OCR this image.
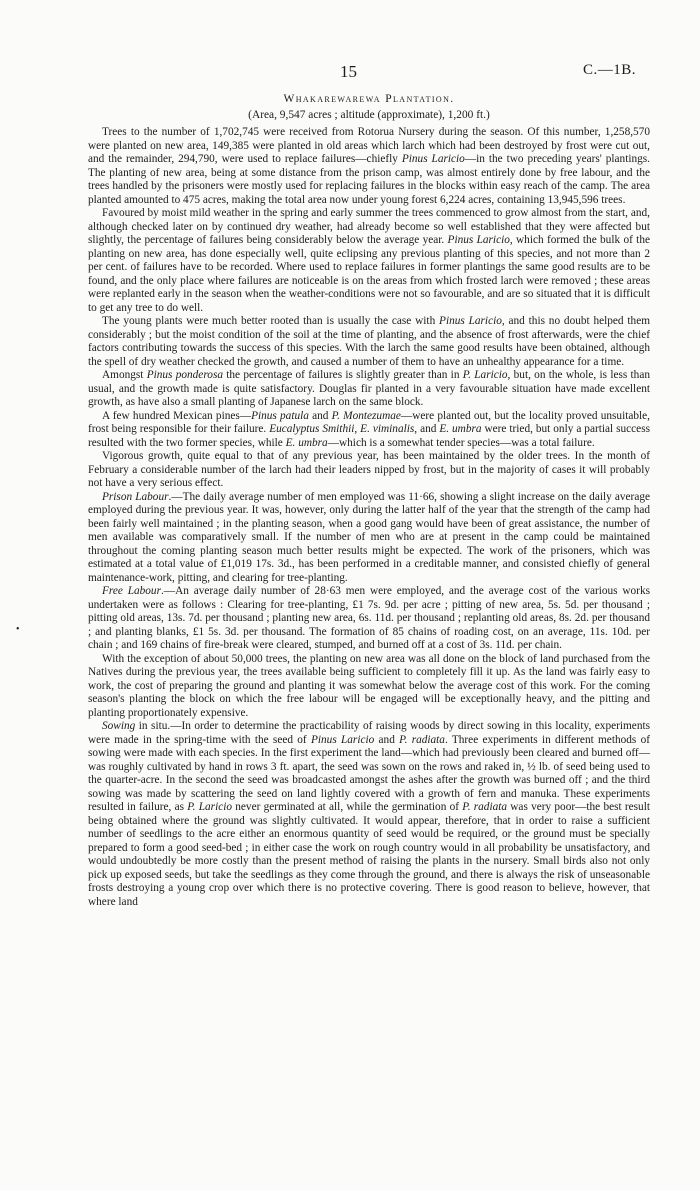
15	C.—1B.
•
Whakarewarewa Plantation.
(Area, 9,547 acres ; altitude (approximate), 1,200 ft.)

Trees to the number of 1,702,745 were received from Rotorua Nursery during the season. Of this number, 1,258,570 were planted on new area, 149,385 were planted in old areas which larch which had been destroyed by frost were cut out, and the remainder, 294,790, were used to replace failures—chiefly Pinus Laricio—in the two preceding years' plantings. The planting of new area, being at some distance from the prison camp, was almost entirely done by free labour, and the trees handled by the prisoners were mostly used for replacing failures in the blocks within easy reach of the camp. The area planted amounted to 475 acres, making the total area now under young forest 6,224 acres, containing 13,945,596 trees.

Favoured by moist mild weather in the spring and early summer the trees commenced to grow almost from the start, and, although checked later on by continued dry weather, had already become so well established that they were affected but slightly, the percentage of failures being considerably below the average year. Pinus Laricio, which formed the bulk of the planting on new area, has done especially well, quite eclipsing any previous planting of this species, and not more than 2 per cent. of failures have to be recorded. Where used to replace failures in former plantings the same good results are to be found, and the only place where failures are noticeable is on the areas from which frosted larch were removed ; these areas were replanted early in the season when the weather-conditions were not so favourable, and are so situated that it is difficult to get any tree to do well.

The young plants were much better rooted than is usually the case with Pinus Laricio, and this no doubt helped them considerably ; but the moist condition of the soil at the time of planting, and the absence of frost afterwards, were the chief factors contributing towards the success of this species. With the larch the same good results have been obtained, although the spell of dry weather checked the growth, and caused a number of them to have an unhealthy appearance for a time.

Amongst Pinus ponderosa the percentage of failures is slightly greater than in P. Laricio, but, on the whole, is less than usual, and the growth made is quite satisfactory. Douglas fir planted in a very favourable situation have made excellent growth, as have also a small planting of Japanese larch on the same block.

A few hundred Mexican pines—Pinus patula and P. Montezumae—were planted out, but the locality proved unsuitable, frost being responsible for their failure. Eucalyptus Smithii, E. viminalis, and E. umbra were tried, but only a partial success resulted with the two former species, while E. umbra—which is a somewhat tender species—was a total failure.

Vigorous growth, quite equal to that of any previous year, has been maintained by the older trees. In the month of February a considerable number of the larch had their leaders nipped by frost, but in the majority of cases it will probably not have a very serious effect.

Prison Labour.—The daily average number of men employed was 11·66, showing a slight increase on the daily average employed during the previous year. It was, however, only during the latter half of the year that the strength of the camp had been fairly well maintained ; in the planting season, when a good gang would have been of great assistance, the number of men available was comparatively small. If the number of men who are at present in the camp could be maintained throughout the coming planting season much better results might be expected. The work of the prisoners, which was estimated at a total value of £1,019 17s. 3d., has been performed in a creditable manner, and consisted chiefly of general maintenance-work, pitting, and clearing for tree-planting.

Free Labour.—An average daily number of 28·63 men were employed, and the average cost of the various works undertaken were as follows : Clearing for tree-planting, £1 7s. 9d. per acre ; pitting of new area, 5s. 5d. per thousand ; pitting old areas, 13s. 7d. per thousand ; planting new area, 6s. 11d. per thousand ; replanting old areas, 8s. 2d. per thousand ; and planting blanks, £1 5s. 3d. per thousand. The formation of 85 chains of roading cost, on an average, 11s. 10d. per chain ; and 169 chains of fire-break were cleared, stumped, and burned off at a cost of 3s. 11d. per chain.

With the exception of about 50,000 trees, the planting on new area was all done on the block of land purchased from the Natives during the previous year, the trees available being sufficient to completely fill it up. As the land was fairly easy to work, the cost of preparing the ground and planting it was somewhat below the average cost of this work. For the coming season's planting the block on which the free labour will be engaged will be exceptionally heavy, and the pitting and planting proportionately expensive.

Sowing in situ.—In order to determine the practicability of raising woods by direct sowing in this locality, experiments were made in the spring-time with the seed of Pinus Laricio and P. radiata. Three experiments in different methods of sowing were made with each species. In the first experiment the land—which had previously been cleared and burned off—was roughly cultivated by hand in rows 3 ft. apart, the seed was sown on the rows and raked in, ½ lb. of seed being used to the quarter-acre. In the second the seed was broadcasted amongst the ashes after the growth was burned off ; and the third sowing was made by scattering the seed on land lightly covered with a growth of fern and manuka. These experiments resulted in failure, as P. Laricio never germinated at all, while the germination of P. radiata was very poor—the best result being obtained where the ground was slightly cultivated. It would appear, therefore, that in order to raise a sufficient number of seedlings to the acre either an enormous quantity of seed would be required, or the ground must be specially prepared to form a good seed-bed ; in either case the work on rough country would in all probability be unsatisfactory, and would undoubtedly be more costly than the present method of raising the plants in the nursery. Small birds also not only pick up exposed seeds, but take the seedlings as they come through the ground, and there is always the risk of unseasonable frosts destroying a young crop over which there is no protective covering. There is good reason to believe, however, that where land
